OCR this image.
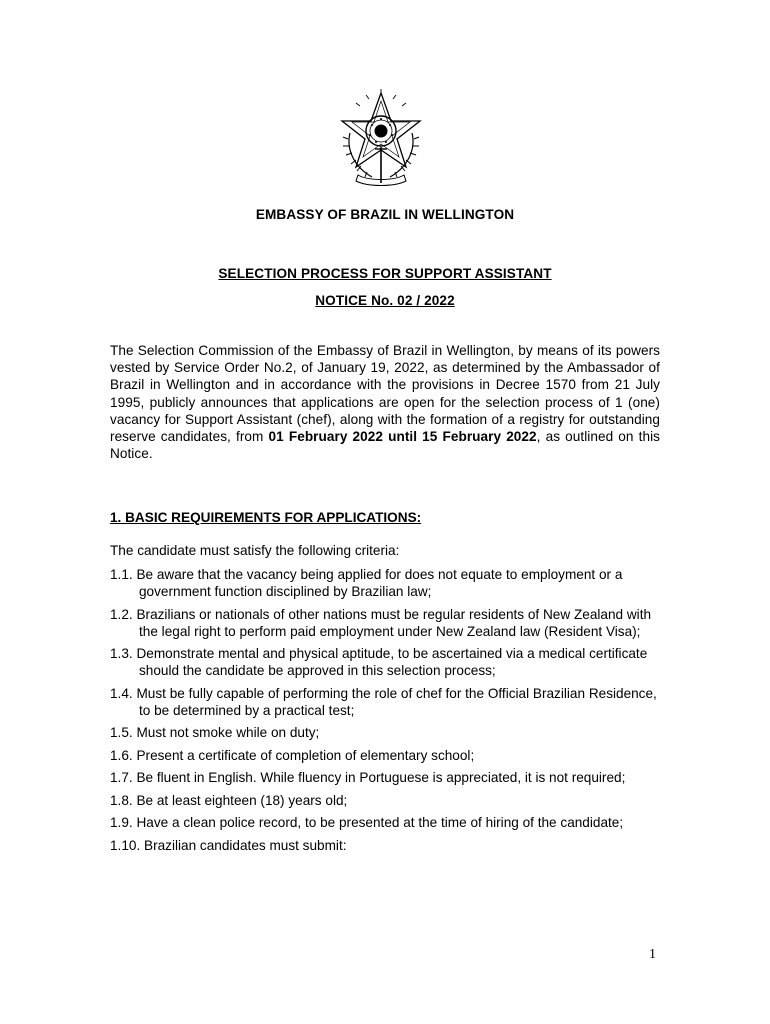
EMBASSY OF BRAZIL IN WELLINGTON
SELECTION PROCESS FOR SUPPORT ASSISTANT
NOTICE No. 02 / 2022
The Selection Commission of the Embassy of Brazil in Wellington, by means of its powers vested by Service Order No.2, of January 19, 2022, as determined by the Ambassador of Brazil in Wellington and in accordance with the provisions in Decree 1570 from 21 July 1995, publicly announces that applications are open for the selection process of 1 (one) vacancy for Support Assistant (chef), along with the formation of a registry for outstanding reserve candidates, from 01 February 2022 until 15 February 2022, as outlined on this Notice.
1. BASIC REQUIREMENTS FOR APPLICATIONS:
The candidate must satisfy the following criteria:
1.1. Be aware that the vacancy being applied for does not equate to employment or a government function disciplined by Brazilian law;
1.2. Brazilians or nationals of other nations must be regular residents of New Zealand with the legal right to perform paid employment under New Zealand law (Resident Visa);
1.3. Demonstrate mental and physical aptitude, to be ascertained via a medical certificate should the candidate be approved in this selection process;
1.4. Must be fully capable of performing the role of chef for the Official Brazilian Residence, to be determined by a practical test;
1.5. Must not smoke while on duty;
1.6. Present a certificate of completion of elementary school;
1.7. Be fluent in English. While fluency in Portuguese is appreciated, it is not required;
1.8. Be at least eighteen (18) years old;
1.9. Have a clean police record, to be presented at the time of hiring of the candidate;
1.10. Brazilian candidates must submit:
1
